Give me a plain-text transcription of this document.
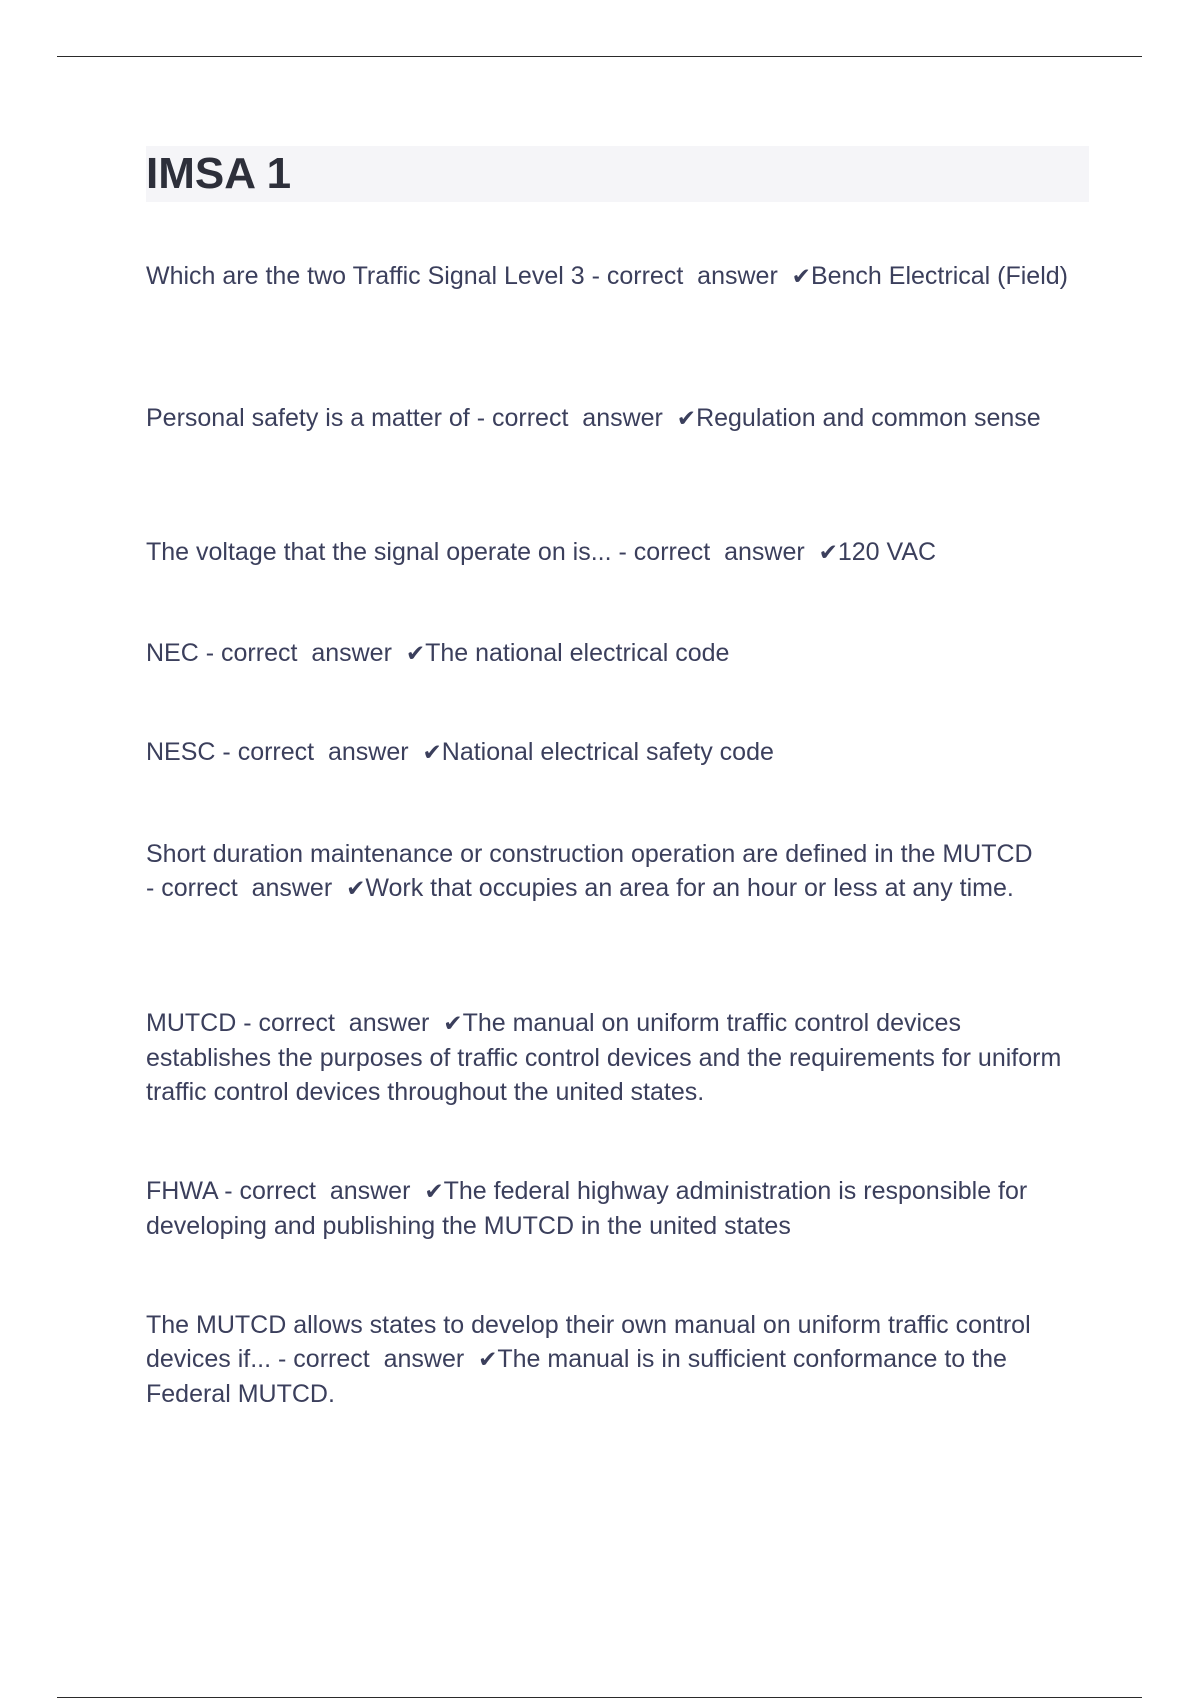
IMSA 1

Which are the two Traffic Signal Level 3 - correct  answer  ✔Bench Electrical (Field)

Personal safety is a matter of - correct  answer  ✔Regulation and common sense

The voltage that the signal operate on is... - correct  answer  ✔120 VAC

NEC - correct  answer  ✔The national electrical code

NESC - correct  answer  ✔National electrical safety code

Short duration maintenance or construction operation are defined in the MUTCD - correct  answer  ✔Work that occupies an area for an hour or less at any time.

MUTCD - correct  answer  ✔The manual on uniform traffic control devices establishes the purposes of traffic control devices and the requirements for uniform traffic control devices throughout the united states.

FHWA - correct  answer  ✔The federal highway administration is responsible for developing and publishing the MUTCD in the united states

The MUTCD allows states to develop their own manual on uniform traffic control devices if... - correct  answer  ✔The manual is in sufficient conformance to the Federal MUTCD.
